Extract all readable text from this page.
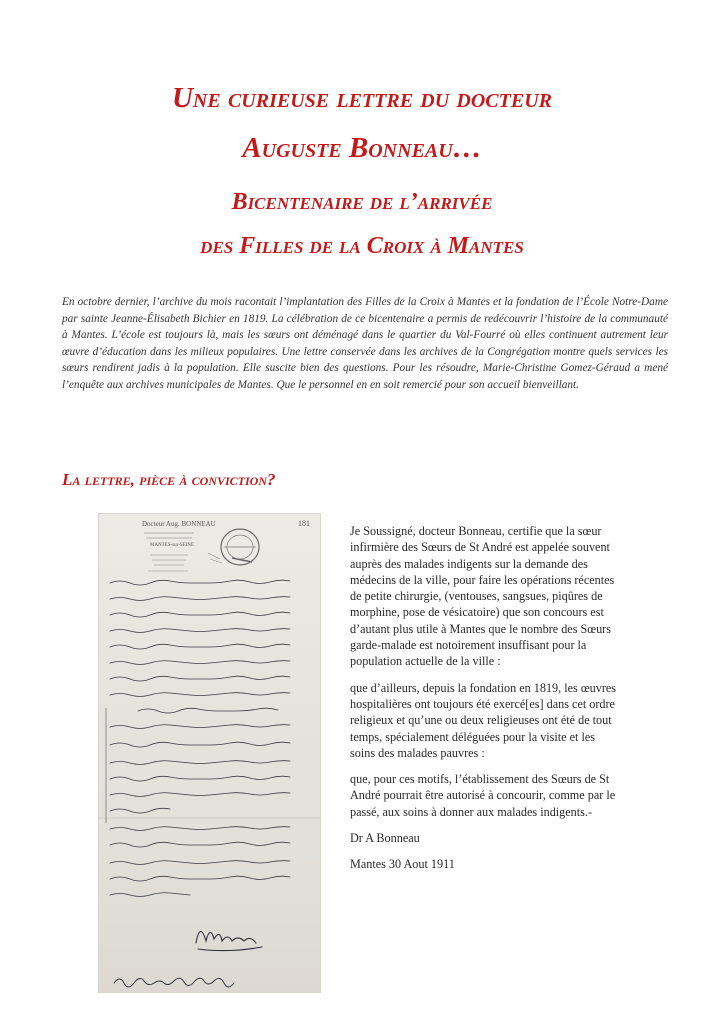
Une curieuse lettre du docteur
Auguste Bonneau…
Bicentenaire de l’arrivée
des Filles de la Croix à Mantes

En octobre dernier, l’archive du mois racontait l’implantation des Filles de la Croix à Mantes et la fondation de l’École Notre-Dame par sainte Jeanne-Élisabeth Bichier en 1819. La célébration de ce bicentenaire a permis de redécouvrir l’histoire de la communauté à Mantes. L’école est toujours là, mais les sœurs ont déménagé dans le quartier du Val-Fourré où elles continuent autrement leur œuvre d’éducation dans les milieux populaires. Une lettre conservée dans les archives de la Congrégation montre quels services les sœurs rendirent jadis à la population. Elle suscite bien des questions. Pour les résoudre, Marie-Christine Gomez-Géraud a mené l’enquête aux archives municipales de Mantes. Que le personnel en en soit remercié pour son accueil bienveillant.

La lettre, pièce à conviction?
Docteur Aug. BONNEAU
MANTES-sur-SEINE
181

Je Soussigné, docteur Bonneau, certifie que la sœur infirmière des Sœurs de St André est appelée souvent auprès des malades indigents sur la demande des médecins de la ville, pour faire les opérations récentes de petite chirurgie, (ventouses, sangsues, piqûres de morphine, pose de vésicatoire) que son concours est d’autant plus utile à Mantes que le nombre des Sœurs garde-malade est notoirement insuffisant pour la population actuelle de la ville :

que d’ailleurs, depuis la fondation en 1819, les œuvres hospitalières ont toujours été exercé[es] dans cet ordre religieux et qu’une ou deux religieuses ont été de tout temps, spécialement déléguées pour la visite et les soins des malades pauvres :

que, pour ces motifs, l’établissement des Sœurs de St André pourrait être autorisé à concourir, comme par le passé, aux soins à donner aux malades indigents.-

Dr A Bonneau

Mantes 30 Aout 1911
